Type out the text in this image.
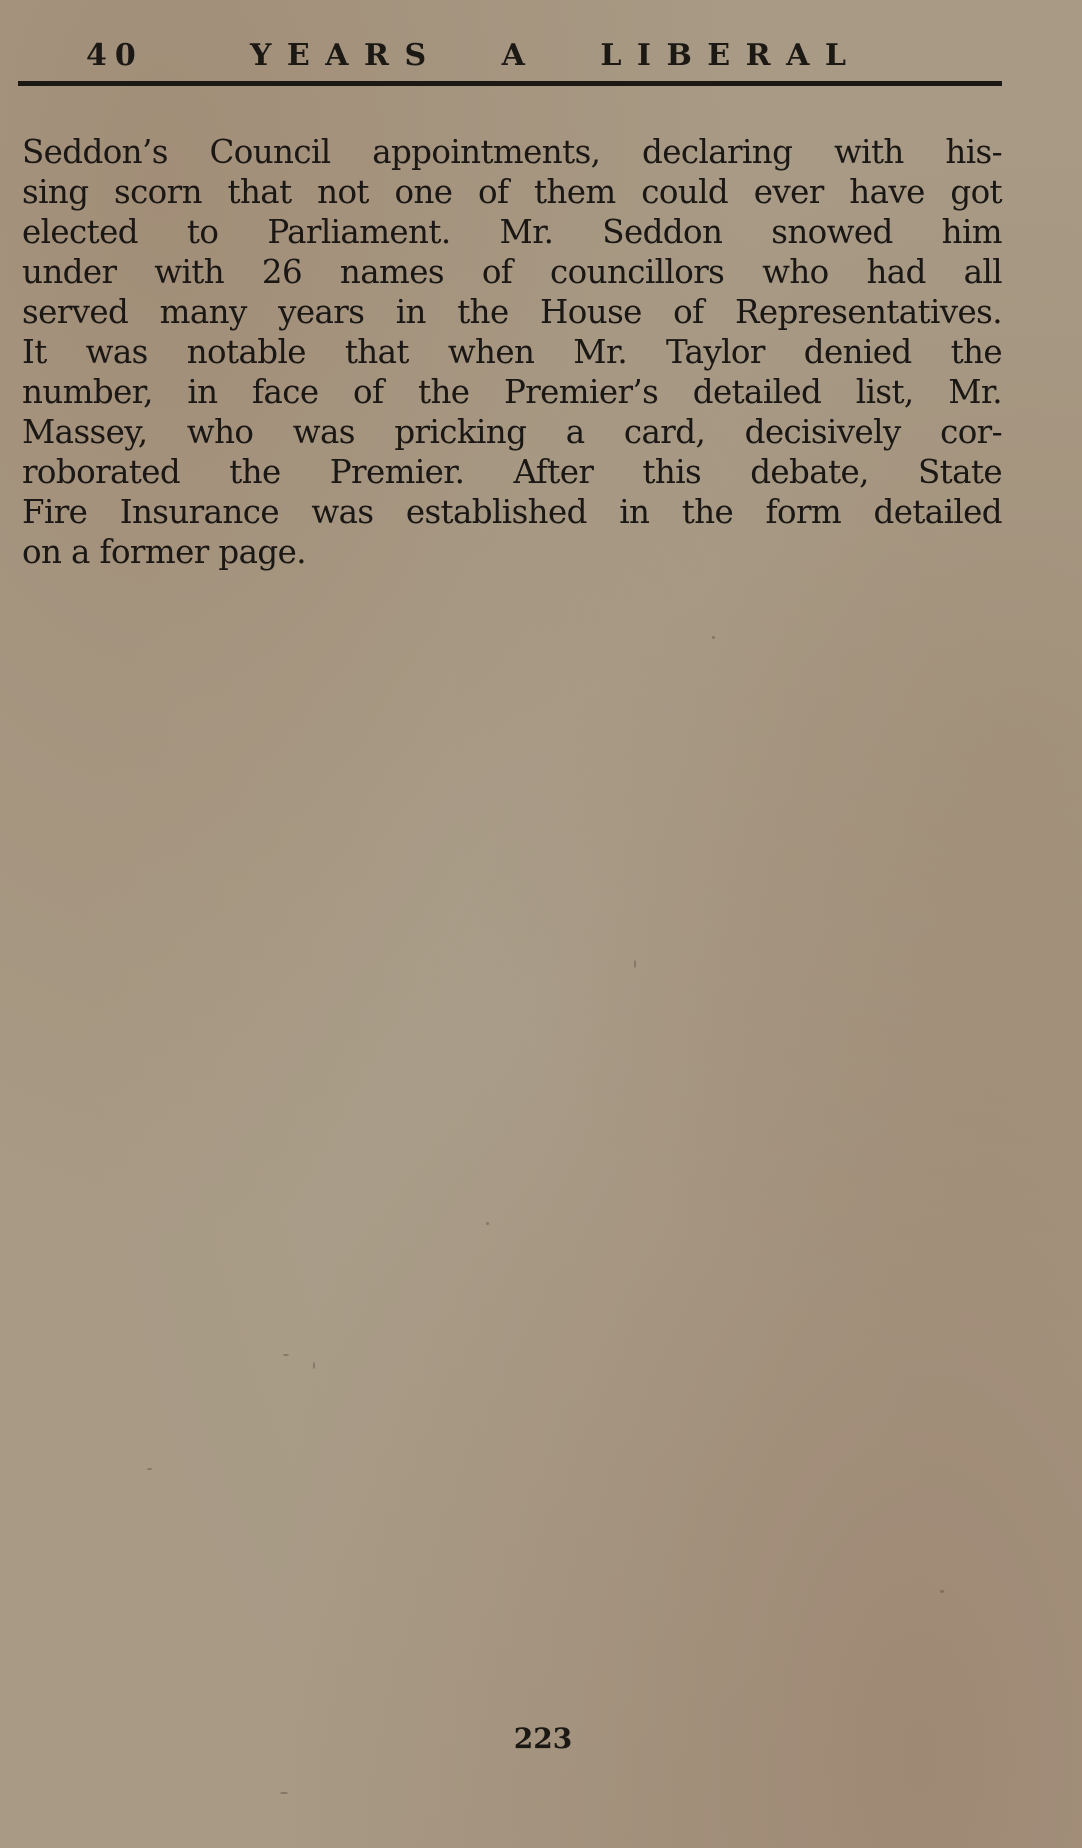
40	YEARS A LIBERAL
Seddon’s Council appointments, declaring with his-
sing scorn that not one of them could ever have got
elected to Parliament. Mr. Seddon snowed him
under with 26 names of councillors who had all
served many years in the House of Representatives.
It was notable that when Mr. Taylor denied the
number, in face of the Premier’s detailed list, Mr.
Massey, who was pricking a card, decisively cor-
roborated the Premier. After this debate, State
Fire Insurance was established in the form detailed
on a former page.
223
